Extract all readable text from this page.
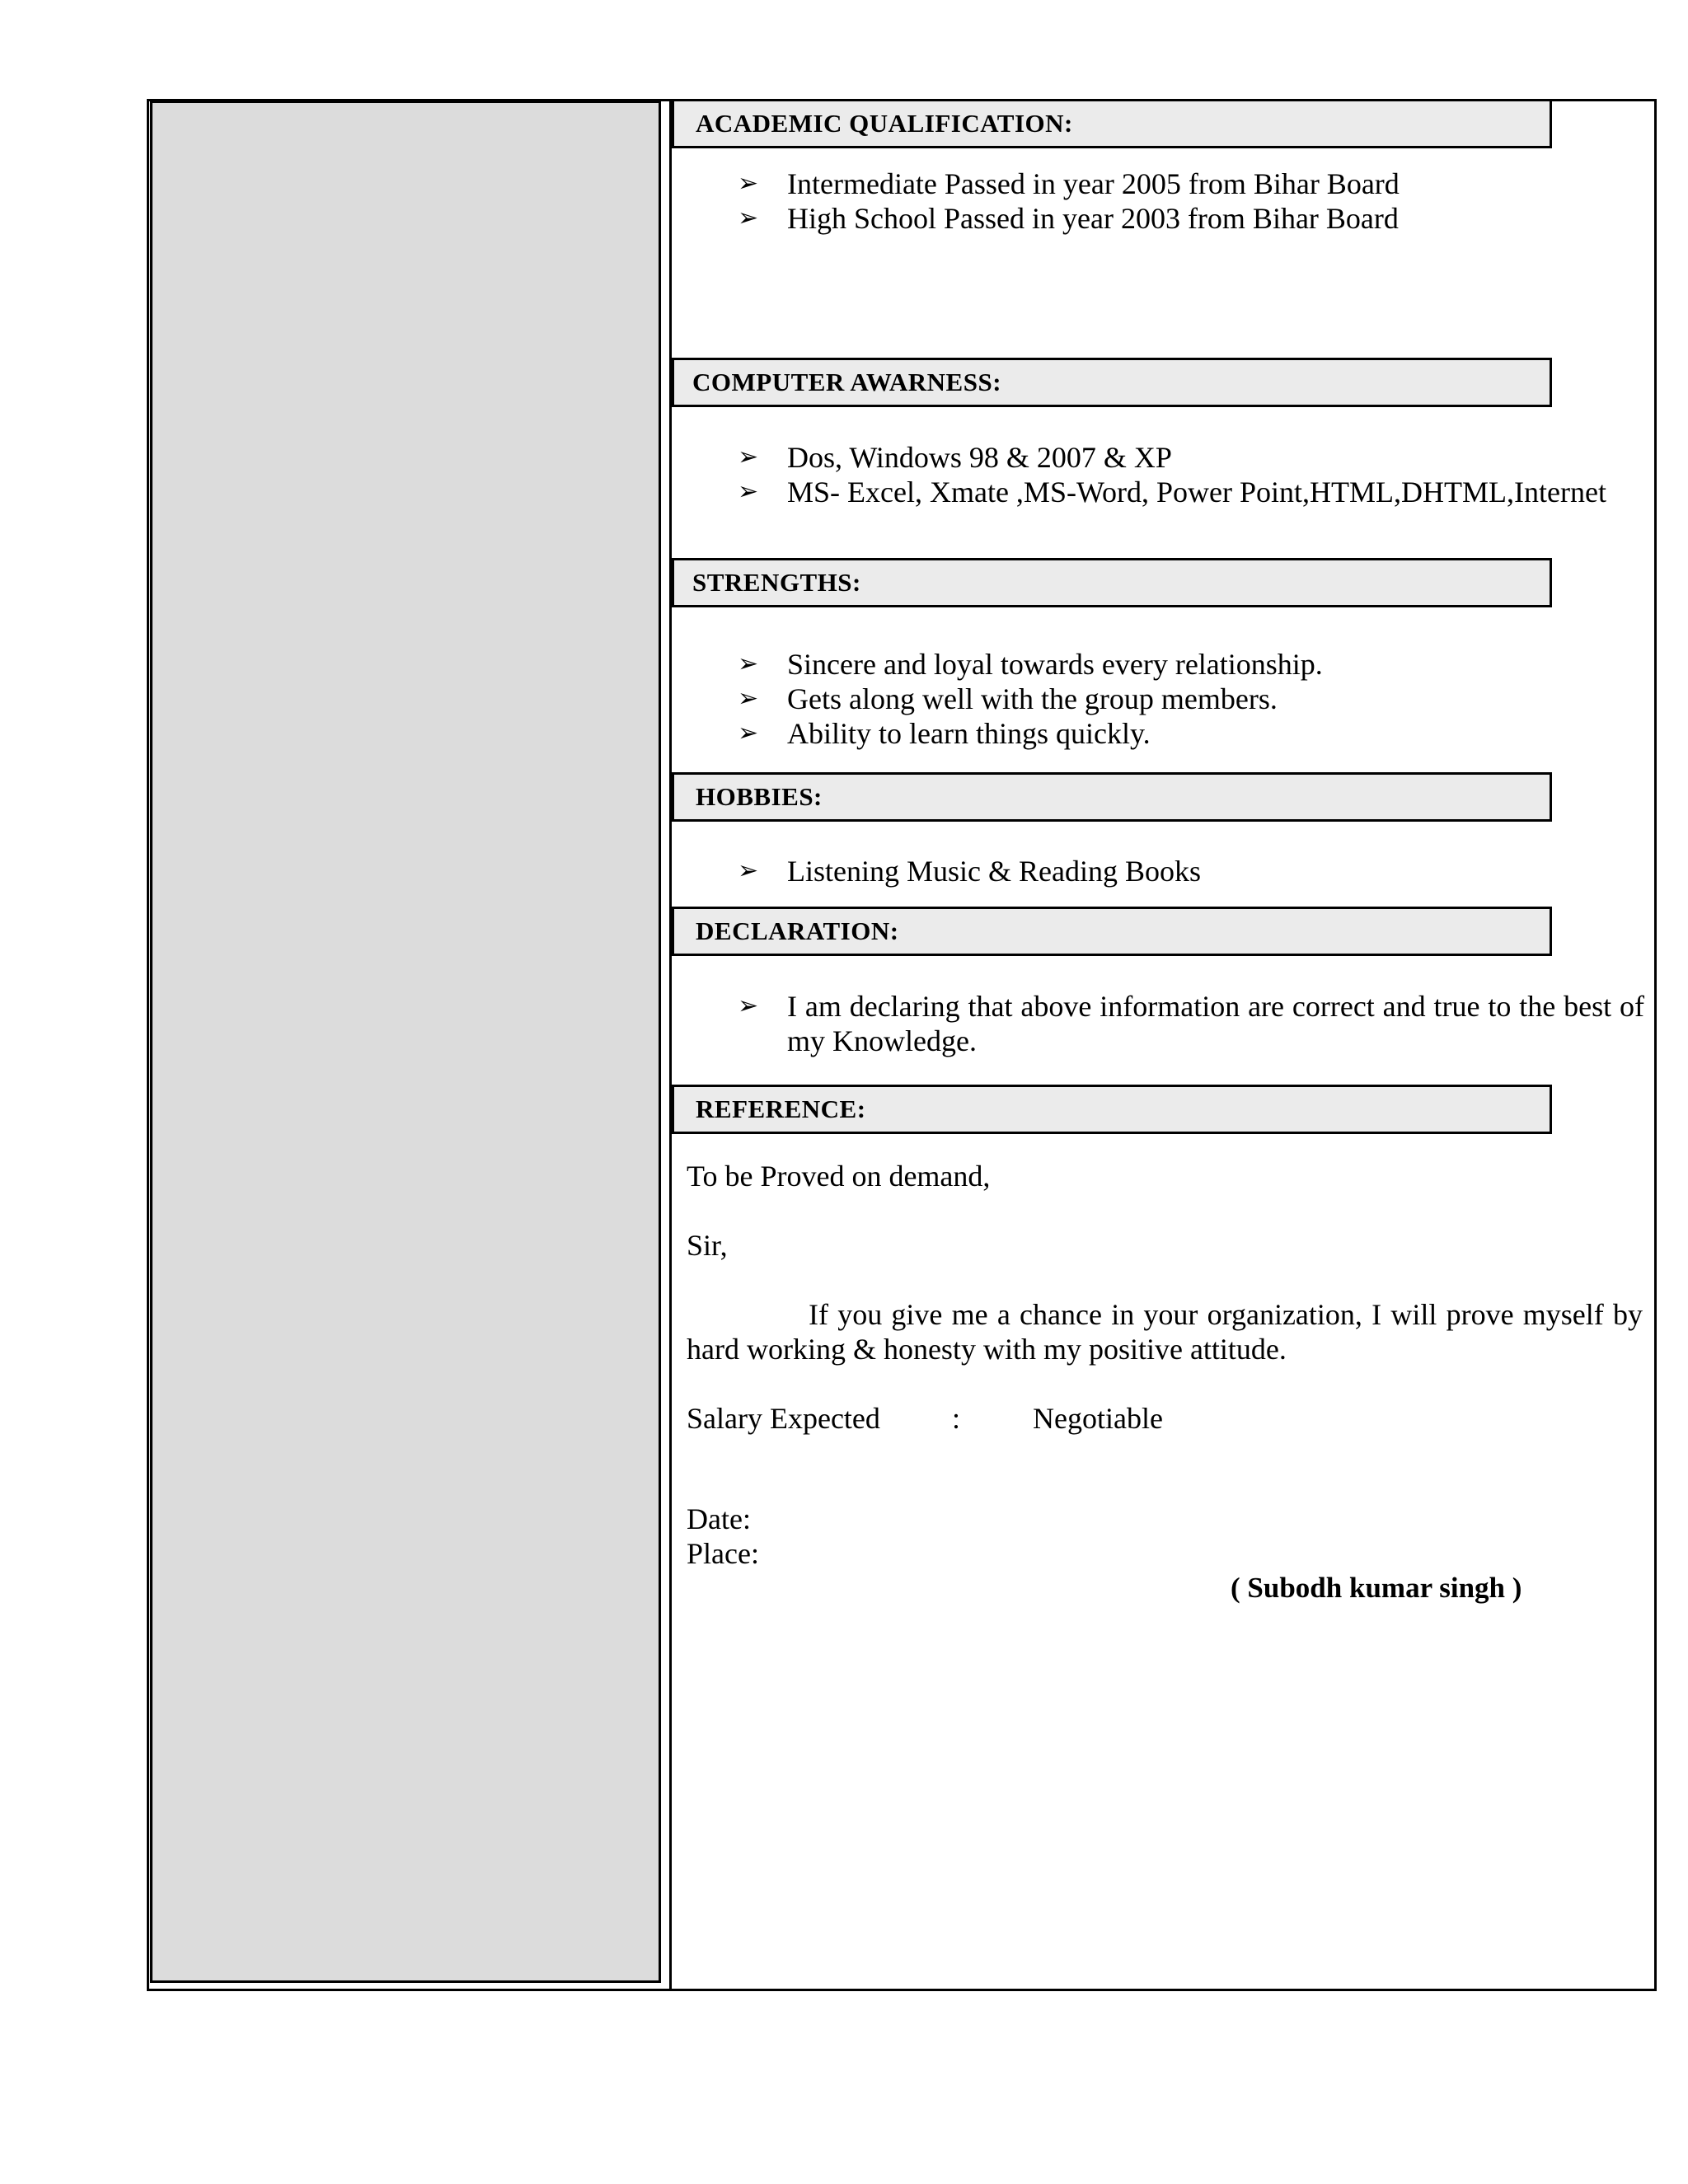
ACADEMIC QUALIFICATION:
➢ Intermediate Passed in year 2005 from Bihar Board
➢ High School Passed in year 2003 from Bihar Board
COMPUTER AWARNESS:
➢ Dos, Windows 98 & 2007 & XP
➢ MS- Excel, Xmate ,MS-Word, Power Point,HTML,DHTML,Internet
STRENGTHS:
➢ Sincere and loyal towards every relationship.
➢ Gets along well with the group members.
➢ Ability to learn things quickly.
HOBBIES:
➢ Listening Music & Reading Books
DECLARATION:
➢ I am declaring that above information are correct and true to the best of my Knowledge.
REFERENCE:
To be Proved on demand,
Sir,
If you give me a chance in your organization, I will prove myself by hard working & honesty with my positive attitude.
Salary Expected : Negotiable
Date:
Place:
( Subodh kumar singh )
